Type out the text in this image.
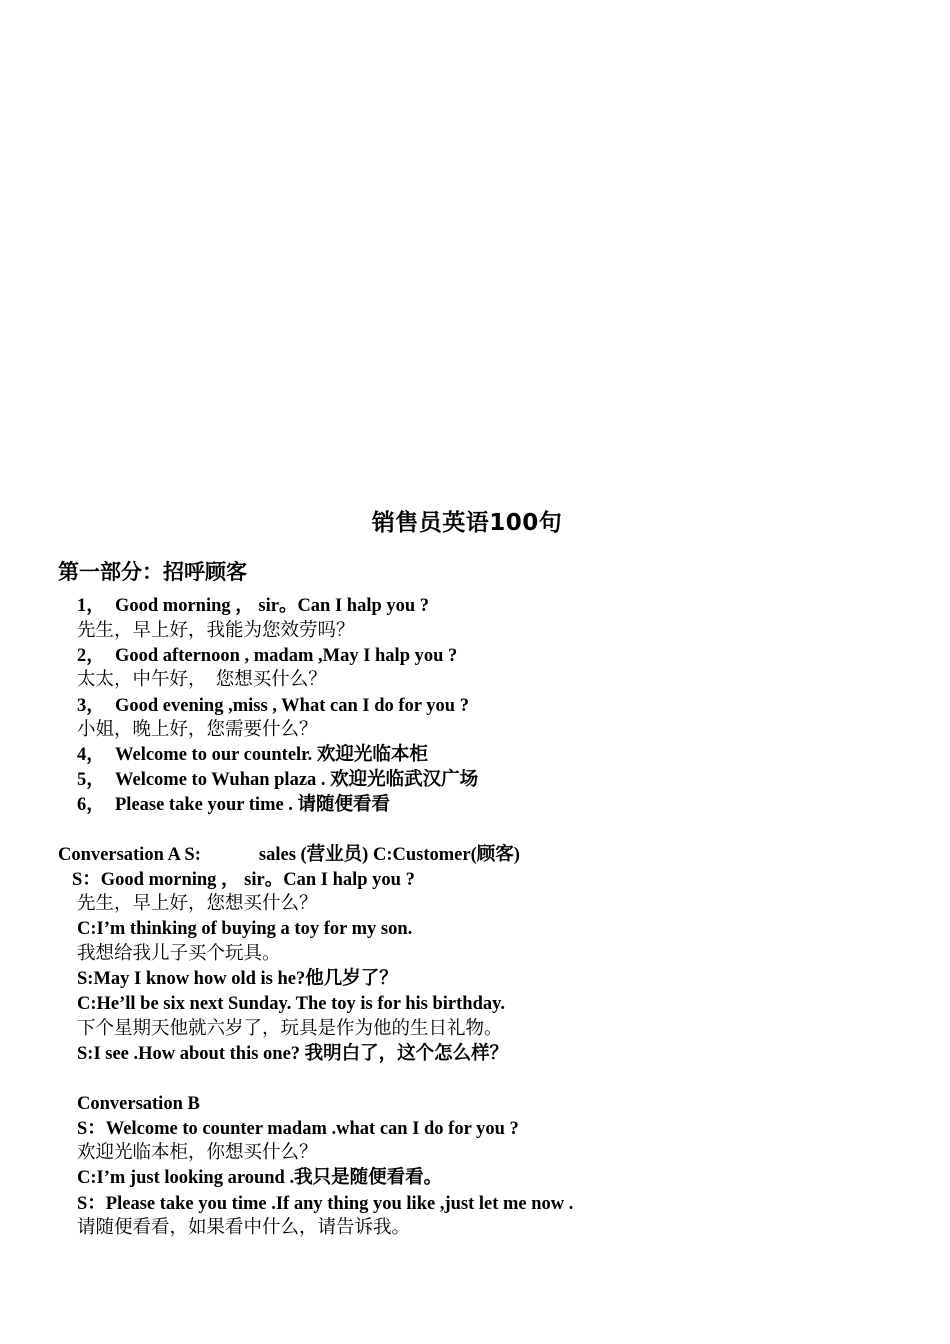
销售员英语100句
第一部分：招呼顾客
1， Good morning ， sir。Can I halp you ?
先生，早上好，我能为您效劳吗？
2， Good afternoon , madam ,May I halp you ?
太太，中午好，  您想买什么？
3， Good evening ,miss , What can I do for you ?
小姐，晚上好，您需要什么？
4， Welcome to our countelr. 欢迎光临本柜
5， Welcome to Wuhan plaza . 欢迎光临武汉广场
6， Please take your time . 请随便看看
Conversation A S:	sales (营业员) C:Customer(顾客)
S：Good morning ， sir。Can I halp you ?
先生，早上好，您想买什么？
C:I’m thinking of buying a toy for my son.
我想给我儿子买个玩具。
S:May I know how old is he?他几岁了？
C:He’ll be six next Sunday. The toy is for his birthday.
下个星期天他就六岁了，玩具是作为他的生日礼物。
S:I see .How about this one? 我明白了，这个怎么样？
Conversation B
S：Welcome to counter madam .what can I do for you ?
欢迎光临本柜，你想买什么？
C:I’m just looking around .我只是随便看看。
S：Please take you time .If any thing you like ,just let me now .
请随便看看，如果看中什么，请告诉我。
